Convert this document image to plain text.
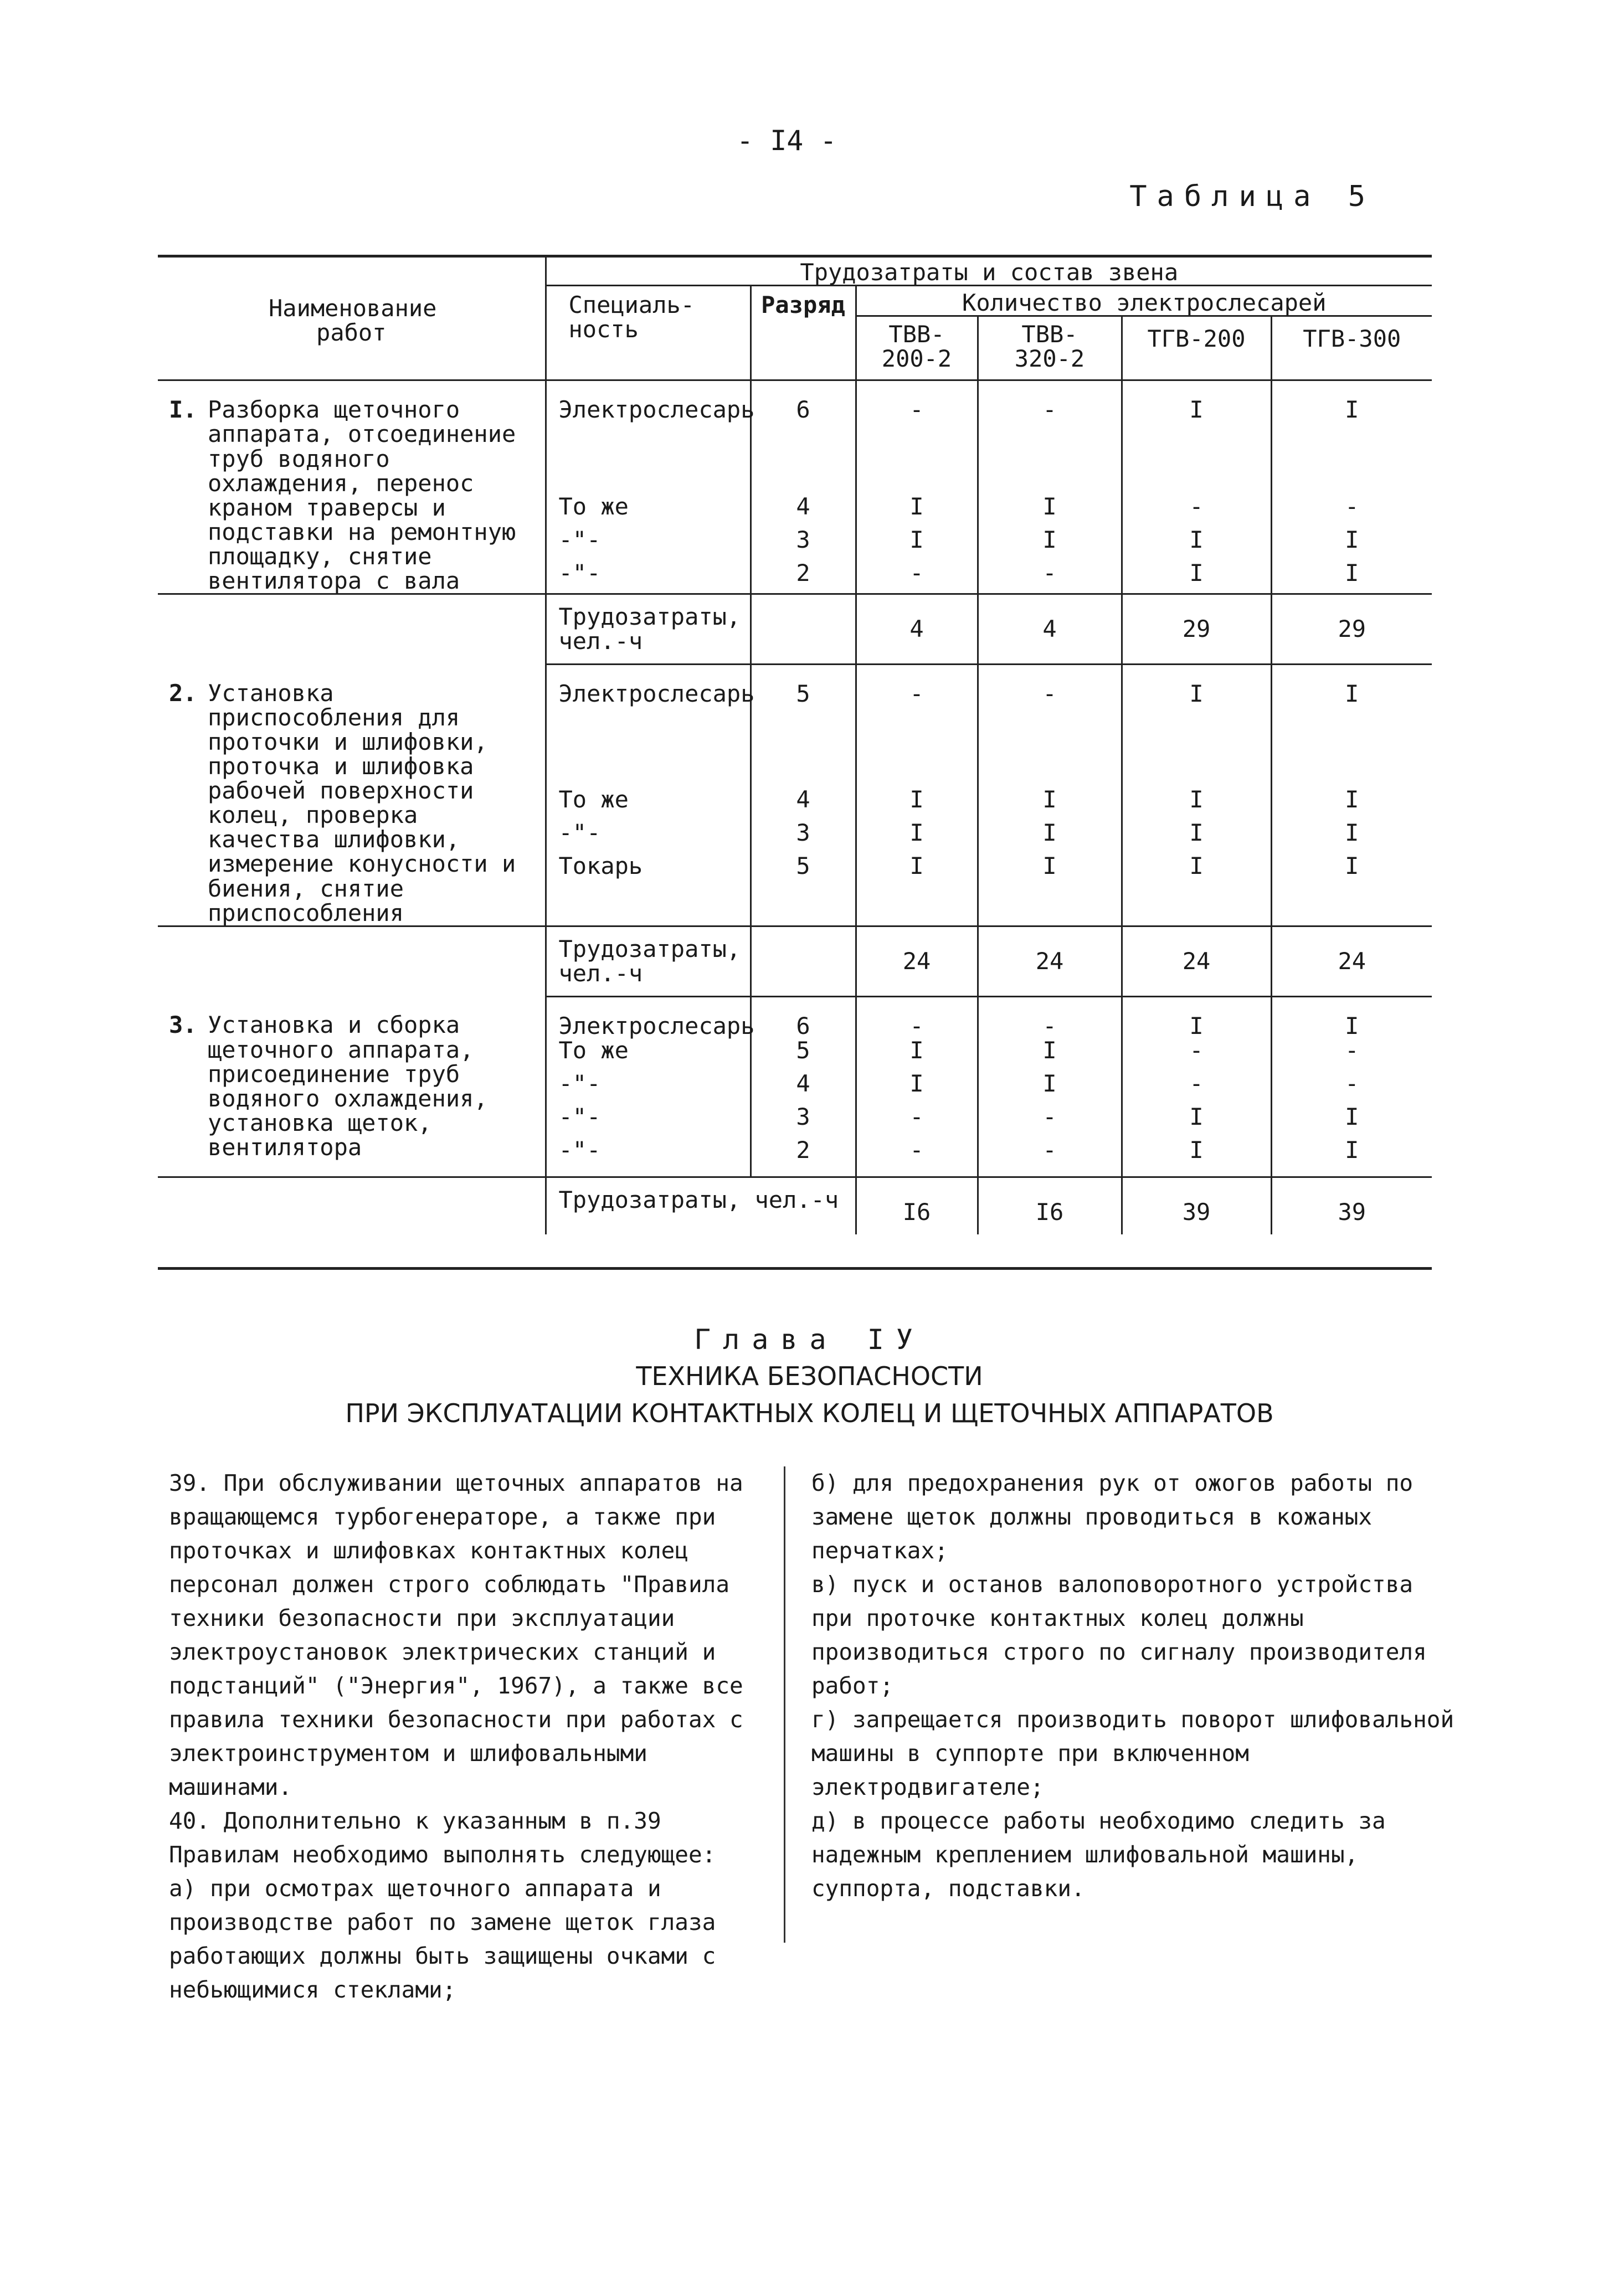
- I4 -
Таблица 5
Наименование работ	Трудозатраты и состав звена					
	Специаль- ность	Разряд	Количество электрослесарей			
			ТВВ- 200-2	ТВВ- 320-2	ТГВ-200	ТГВ-300
I. Разборка щеточного аппарата, отсоединение труб водяного охлаждения, перенос краном траверсы и подставки на ремонтную площадку, снятие вентилятора с вала	Электрослесарь	6	-	-	I	I
	То же	4	I	I	-	-
	-"-	3	I	I	I	I
	-"-	2	-	-	I	I
	Трудозатраты, чел.-ч		4	4	29	29
2. Установка приспособления для проточки и шлифовки, проточка и шлифовка рабочей поверхности колец, проверка качества шлифовки, измерение конусности и биения, снятие приспособления	Электрослесарь	5	-	-	I	I
	То же	4	I	I	I	I
	-"-	3	I	I	I	I
	Токарь	5	I	I	I	I
	Трудозатраты, чел.-ч		24	24	24	24
3. Установка и сборка щеточного аппарата, присоединение труб водяного охлаждения, установка щеток, вентилятора	Электрослесарь	6	-	-	I	I
	То же	5	I	I	-	-
	-"-	4	I	I	-	-
	-"-	3	-	-	I	I
	-"-	2	-	-	I	I
	Трудозатраты, чел.-ч		I6	I6	39	39
Глава IУ
ТЕХНИКА БЕЗОПАСНОСТИ
ПРИ ЭКСПЛУАТАЦИИ КОНТАКТНЫХ КОЛЕЦ И ЩЕТОЧНЫХ АППАРАТОВ

39. При обслуживании щеточных аппаратов на вращающемся турбогенераторе, а также при проточках и шлифовках контактных колец персонал должен строго соблюдать "Правила техники безопасности при эксплуатации электроустановок электрических станций и подстанций" ("Энергия", 1967), а также все правила техники безопасности при работах с электроинструментом и шлифовальными машинами.

40. Дополнительно к указанным в п.39 Правилам необходимо выполнять следующее:

а) при осмотрах щеточного аппарата и производстве работ по замене щеток глаза работающих должны быть защищены очками с небьющимися стеклами;

б) для предохранения рук от ожогов работы по замене щеток должны проводиться в кожаных перчатках;

в) пуск и останов валоповоротного устройства при проточке контактных колец должны производиться строго по сигналу производителя работ;

г) запрещается производить поворот шлифовальной машины в суппорте при включенном электродвигателе;

д) в процессе работы необходимо следить за надежным креплением шлифовальной машины, суппорта, подставки.
